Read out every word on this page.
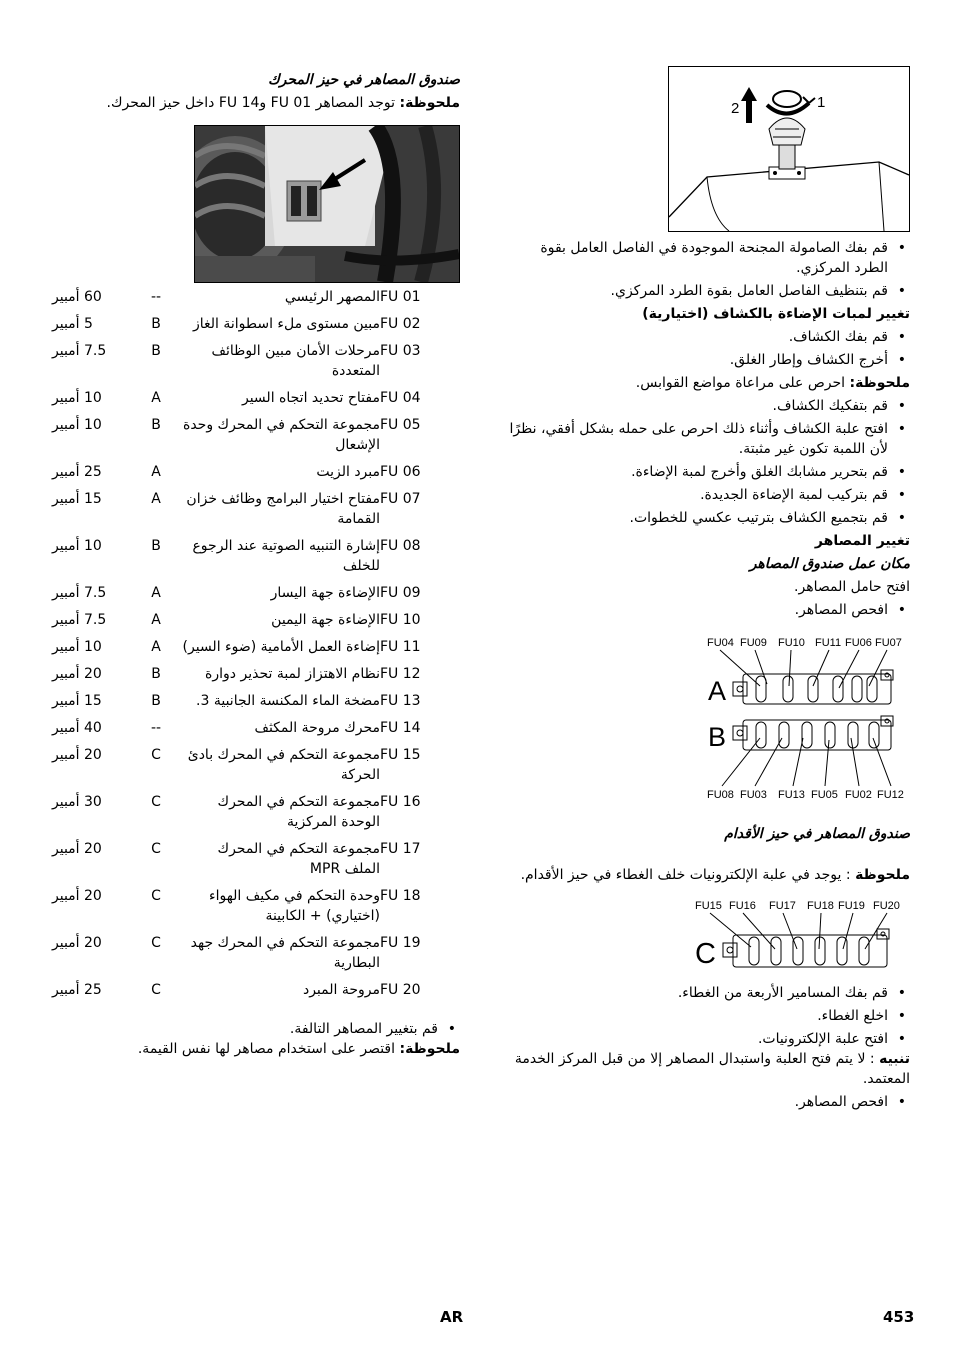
2	1
• قم بفك الصامولة المجنحة الموجودة في الفاصل العامل بقوة الطرد المركزي.
• قم بتنظيف الفاصل العامل بقوة الطرد المركزي.
تغيير لمبات الإضاءة بالكشاف (اختيارية)
• قم بفك الكشاف.
• أخرج الكشاف وإطار الغلق.
ملحوظة: احرص على مراعاة مواضع القوابس.
• قم بتفكيك الكشاف.
• افتح علبة الكشاف وأثناء ذلك احرص على حمله بشكل أفقي، نظرًا لأن اللمبة تكون غير مثبتة.
• قم بتحرير مشابك الغلق وأخرج لمبة الإضاءة.
• قم بتركيب لمبة الإضاءة الجديدة.
• قم بتجميع الكشاف بترتيب عكسي للخطوات.
تغيير المصاهر
مكان عمل صندوق المصاهر
افتح حامل المصاهر.
• افحص المصاهر.
FU04 FU09 FU10 FU11 FU06 FU07
FU08 FU03 FU13 FU05 FU02 FU12
A
B
صندوق المصاهر في حيز الأقدام
ملحوظة : يوجد في علبة الإلكترونيات خلف الغطاء في حيز الأقدام.
FU15 FU16 FU17 FU18 FU19 FU20
C
• قم بفك المسامير الأربعة من الغطاء.
• اخلع الغطاء.
• افتح علبة الإلكترونيات.
تنبيه : لا يتم فتح العلبة واستبدال المصاهر إلا من قبل المركز الخدمة المعتمد.
• افحص المصاهر.
صندوق المصاهر في حيز المحرك
ملحوظة: توجد المصاهر FU 01 وFU 14 داخل حيز المحرك.
FU 01	المصهر الرئيسي	--	60 أمبير
FU 02	مبين مستوى ملء اسطوانة الغاز	B	5 أمبير
FU 03	مرحلات الأمان مبين الوظائف المتعددة	B	7.5 أمبير
FU 04	مفتاح تحديد اتجاه السير	A	10 أمبير
FU 05	مجموعة التحكم في المحرك وحدة الإشعال	B	10 أمبير
FU 06	مبرد الزيت	A	25 أمبير
FU 07	مفتاح اختيار البرامج وظائف خزان القمامة	A	15 أمبير
FU 08	إشارة التنبيه الصوتية عند الرجوع للخلف	B	10 أمبير
FU 09	الإضاءة جهة اليسار	A	7.5 أمبير
FU 10	الإضاءة جهة اليمين	A	7.5 أمبير
FU 11	إضاءة العمل الأمامية (ضوء السير)	A	10 أمبير
FU 12	نظام الاهتزاز لمبة تحذير دوارة	B	20 أمبير
FU 13	مضخة الماء المكنسة الجانبية 3.	B	15 أمبير
FU 14	محرك مروحة المكثف	--	40 أمبير
FU 15	مجموعة التحكم في المحرك بادئ الحركة	C	20 أمبير
FU 16	مجموعة التحكم في المحرك الوحدة المركزية	C	30 أمبير
FU 17	مجموعة التحكم في المحرك الملف MPR	C	20 أمبير
FU 18	وحدة التحكم في مكيف الهواء (اختياري) + الكابينة	C	20 أمبير
FU 19	مجموعة التحكم في المحرك جهد البطارية	C	20 أمبير
FU 20	مروحة المبرد	C	25 أمبير
• قم بتغيير المصاهر التالفة.
ملحوظة: اقتصر على استخدام مصاهر لها نفس القيمة.
AR	453
